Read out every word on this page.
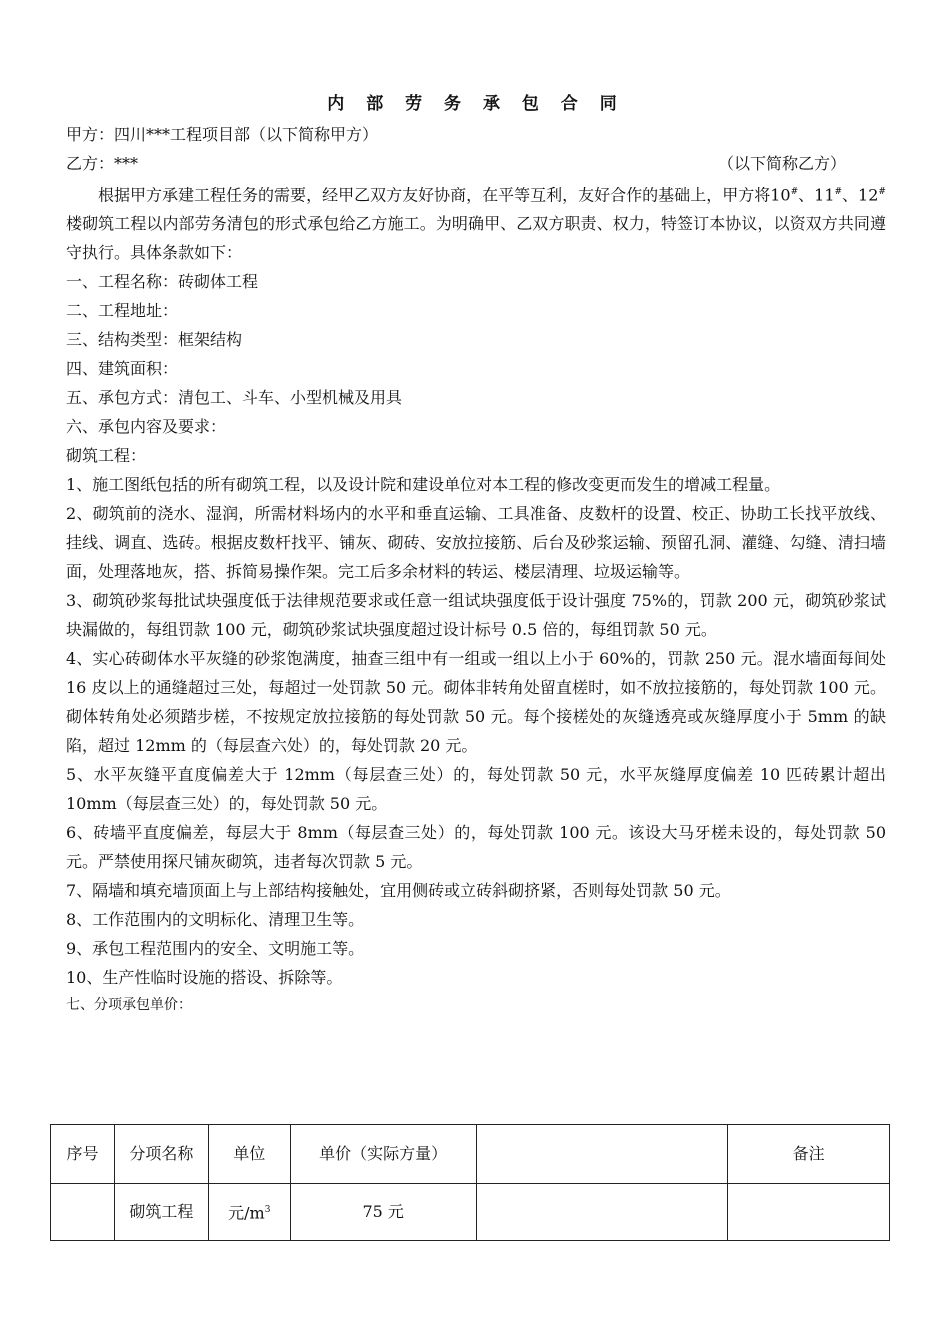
内 部 劳 务 承 包 合 同
甲方：四川***工程项目部（以下简称甲方）
乙方：***	（以下简称乙方）
根据甲方承建工程任务的需要，经甲乙双方友好协商，在平等互利，友好合作的基础上，甲方将10#、11#、12#楼砌筑工程以内部劳务清包的形式承包给乙方施工。为明确甲、乙双方职责、权力，特签订本协议，以资双方共同遵守执行。具体条款如下：
一、工程名称：砖砌体工程
二、工程地址：
三、结构类型：框架结构
四、建筑面积：
五、承包方式：清包工、斗车、小型机械及用具
六、承包内容及要求：
砌筑工程：
1、施工图纸包括的所有砌筑工程，以及设计院和建设单位对本工程的修改变更而发生的增减工程量。
2、砌筑前的浇水、湿润，所需材料场内的水平和垂直运输、工具准备、皮数杆的设置、校正、协助工长找平放线、挂线、调直、选砖。根据皮数杆找平、铺灰、砌砖、安放拉接筋、后台及砂浆运输、预留孔洞、灌缝、勾缝、清扫墙面，处理落地灰，搭、拆简易操作架。完工后多余材料的转运、楼层清理、垃圾运输等。
3、砌筑砂浆每批试块强度低于法律规范要求或任意一组试块强度低于设计强度 75%的，罚款 200 元，砌筑砂浆试块漏做的，每组罚款 100 元，砌筑砂浆试块强度超过设计标号 0.5 倍的，每组罚款 50 元。
4、实心砖砌体水平灰缝的砂浆饱满度，抽查三组中有一组或一组以上小于 60%的，罚款 250 元。混水墙面每间处 16 皮以上的通缝超过三处，每超过一处罚款 50 元。砌体非转角处留直槎时，如不放拉接筋的，每处罚款 100 元。砌体转角处必须踏步槎，不按规定放拉接筋的每处罚款 50 元。每个接槎处的灰缝透亮或灰缝厚度小于 5mm 的缺陷，超过 12mm 的（每层查六处）的，每处罚款 20 元。
5、水平灰缝平直度偏差大于 12mm（每层查三处）的，每处罚款 50 元，水平灰缝厚度偏差 10 匹砖累计超出 10mm（每层查三处）的，每处罚款 50 元。
6、砖墙平直度偏差，每层大于 8mm（每层查三处）的，每处罚款 100 元。该设大马牙槎未设的，每处罚款 50 元。严禁使用探尺铺灰砌筑，违者每次罚款 5 元。
7、隔墙和填充墙顶面上与上部结构接触处，宜用侧砖或立砖斜砌挤紧，否则每处罚款 50 元。
8、工作范围内的文明标化、清理卫生等。
9、承包工程范围内的安全、文明施工等。
10、生产性临时设施的搭设、拆除等。
七、分项承包单价：
序号	分项名称	单位	单价（实际方量）		备注
	砌筑工程	元$/m^3$	75 元		
